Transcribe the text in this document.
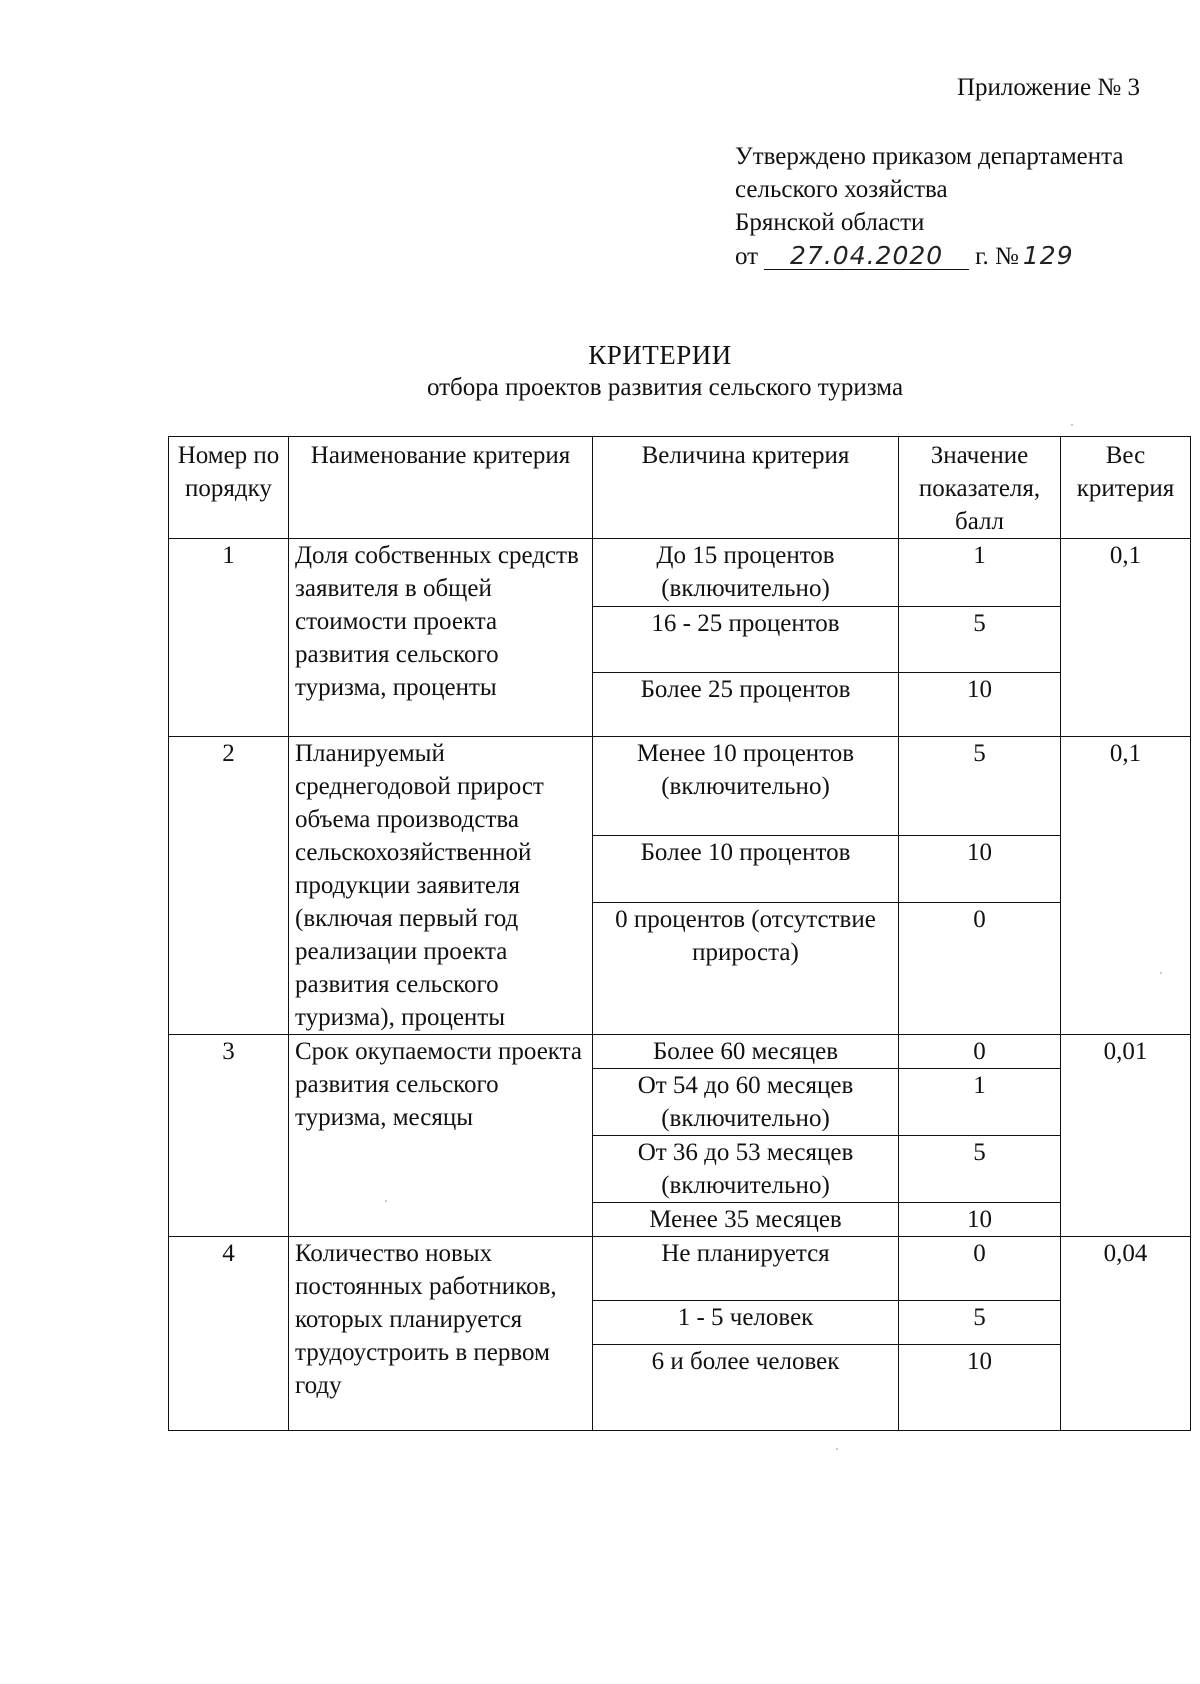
Приложение № 3
Утверждено приказом департамента
сельского хозяйства
Брянской области
от 27.04.2020 г. № 129
КРИТЕРИИ
отбора проектов развития сельского туризма
Номер по порядку	Наименование критерия	Величина критерия	Значение показателя, балл	Вес критерия
1	Доля собственных средств заявителя в общей стоимости проекта развития сельского туризма, проценты	До 15 процентов (включительно)	1	0,1
		16 - 25 процентов	5	
		Более 25 процентов	10	
2	Планируемый среднегодовой прирост объема производства сельскохозяйственной продукции заявителя (включая первый год реализации проекта развития сельского туризма), проценты	Менее 10 процентов (включительно)	5	0,1
		Более 10 процентов	10	
		0 процентов (отсутствие прироста)	0	
3	Срок окупаемости проекта развития сельского туризма, месяцы	Более 60 месяцев	0	0,01
		От 54 до 60 месяцев (включительно)	1	
		От 36 до 53 месяцев (включительно)	5	
		Менее 35 месяцев	10	
4	Количество новых постоянных работников, которых планируется трудоустроить в первом году	Не планируется	0	0,04
		1 - 5 человек	5	
		6 и более человек	10	
